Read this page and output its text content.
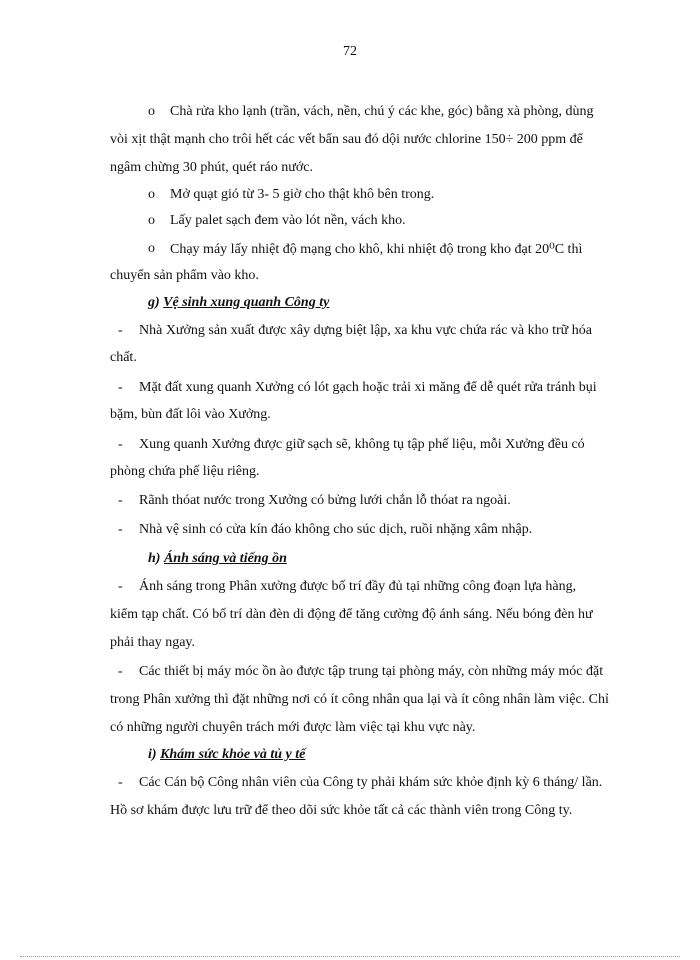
72
o Chà rửa kho lạnh (trần, vách, nền, chú ý các khe, góc) bằng xà phòng, dùng
vòi xịt thật mạnh cho trôi hết các vết bẩn sau đó dội nước chlorine 150÷ 200 ppm để
ngâm chừng 30 phút, quét ráo nước.
o Mở quạt gió từ 3- 5 giờ cho thật khô bên trong.
o Lấy palet sạch đem vào lót nền, vách kho.
o Chạy máy lấy nhiệt độ mạng cho khô, khi nhiệt độ trong kho đạt 20⁰C thì
chuyển sản phẩm vào kho.
g) Vệ sinh xung quanh Công ty
- Nhà Xưởng sản xuất được xây dựng biệt lập, xa khu vực chứa rác và kho trữ hóa
chất.
- Mặt đất xung quanh Xưởng có lót gạch hoặc trải xi măng để dễ quét rửa tránh bụi
bặm, bùn đất lôi vào Xưởng.
- Xung quanh Xưởng được giữ sạch sẽ, không tụ tập phế liệu, mỗi Xưởng đều có
phòng chứa phế liệu riêng.
- Rãnh thóat nước trong Xưởng có bửng lưới chắn lỗ thóat ra ngoài.
- Nhà vệ sinh có cửa kín đáo không cho súc dịch, ruồi nhặng xâm nhập.
h) Ánh sáng và tiếng ồn
- Ánh sáng trong Phân xưởng được bố trí đầy đủ tại những công đoạn lựa hàng,
kiểm tạp chất. Có bố trí dàn đèn di động để tăng cường độ ánh sáng. Nếu bóng đèn hư
phải thay ngay.
- Các thiết bị máy móc ồn ào được tập trung tại phòng máy, còn những máy móc đặt
trong Phân xưởng thì đặt những nơi có ít công nhân qua lại và ít công nhân làm việc. Chỉ
có những người chuyên trách mới được làm việc tại khu vực này.
i) Khám sức khỏe và tủ y tế
- Các Cán bộ Công nhân viên của Công ty phải khám sức khỏe định kỳ 6 tháng/ lần.
Hồ sơ khám được lưu trữ để theo dõi sức khỏe tất cả các thành viên trong Công ty.
